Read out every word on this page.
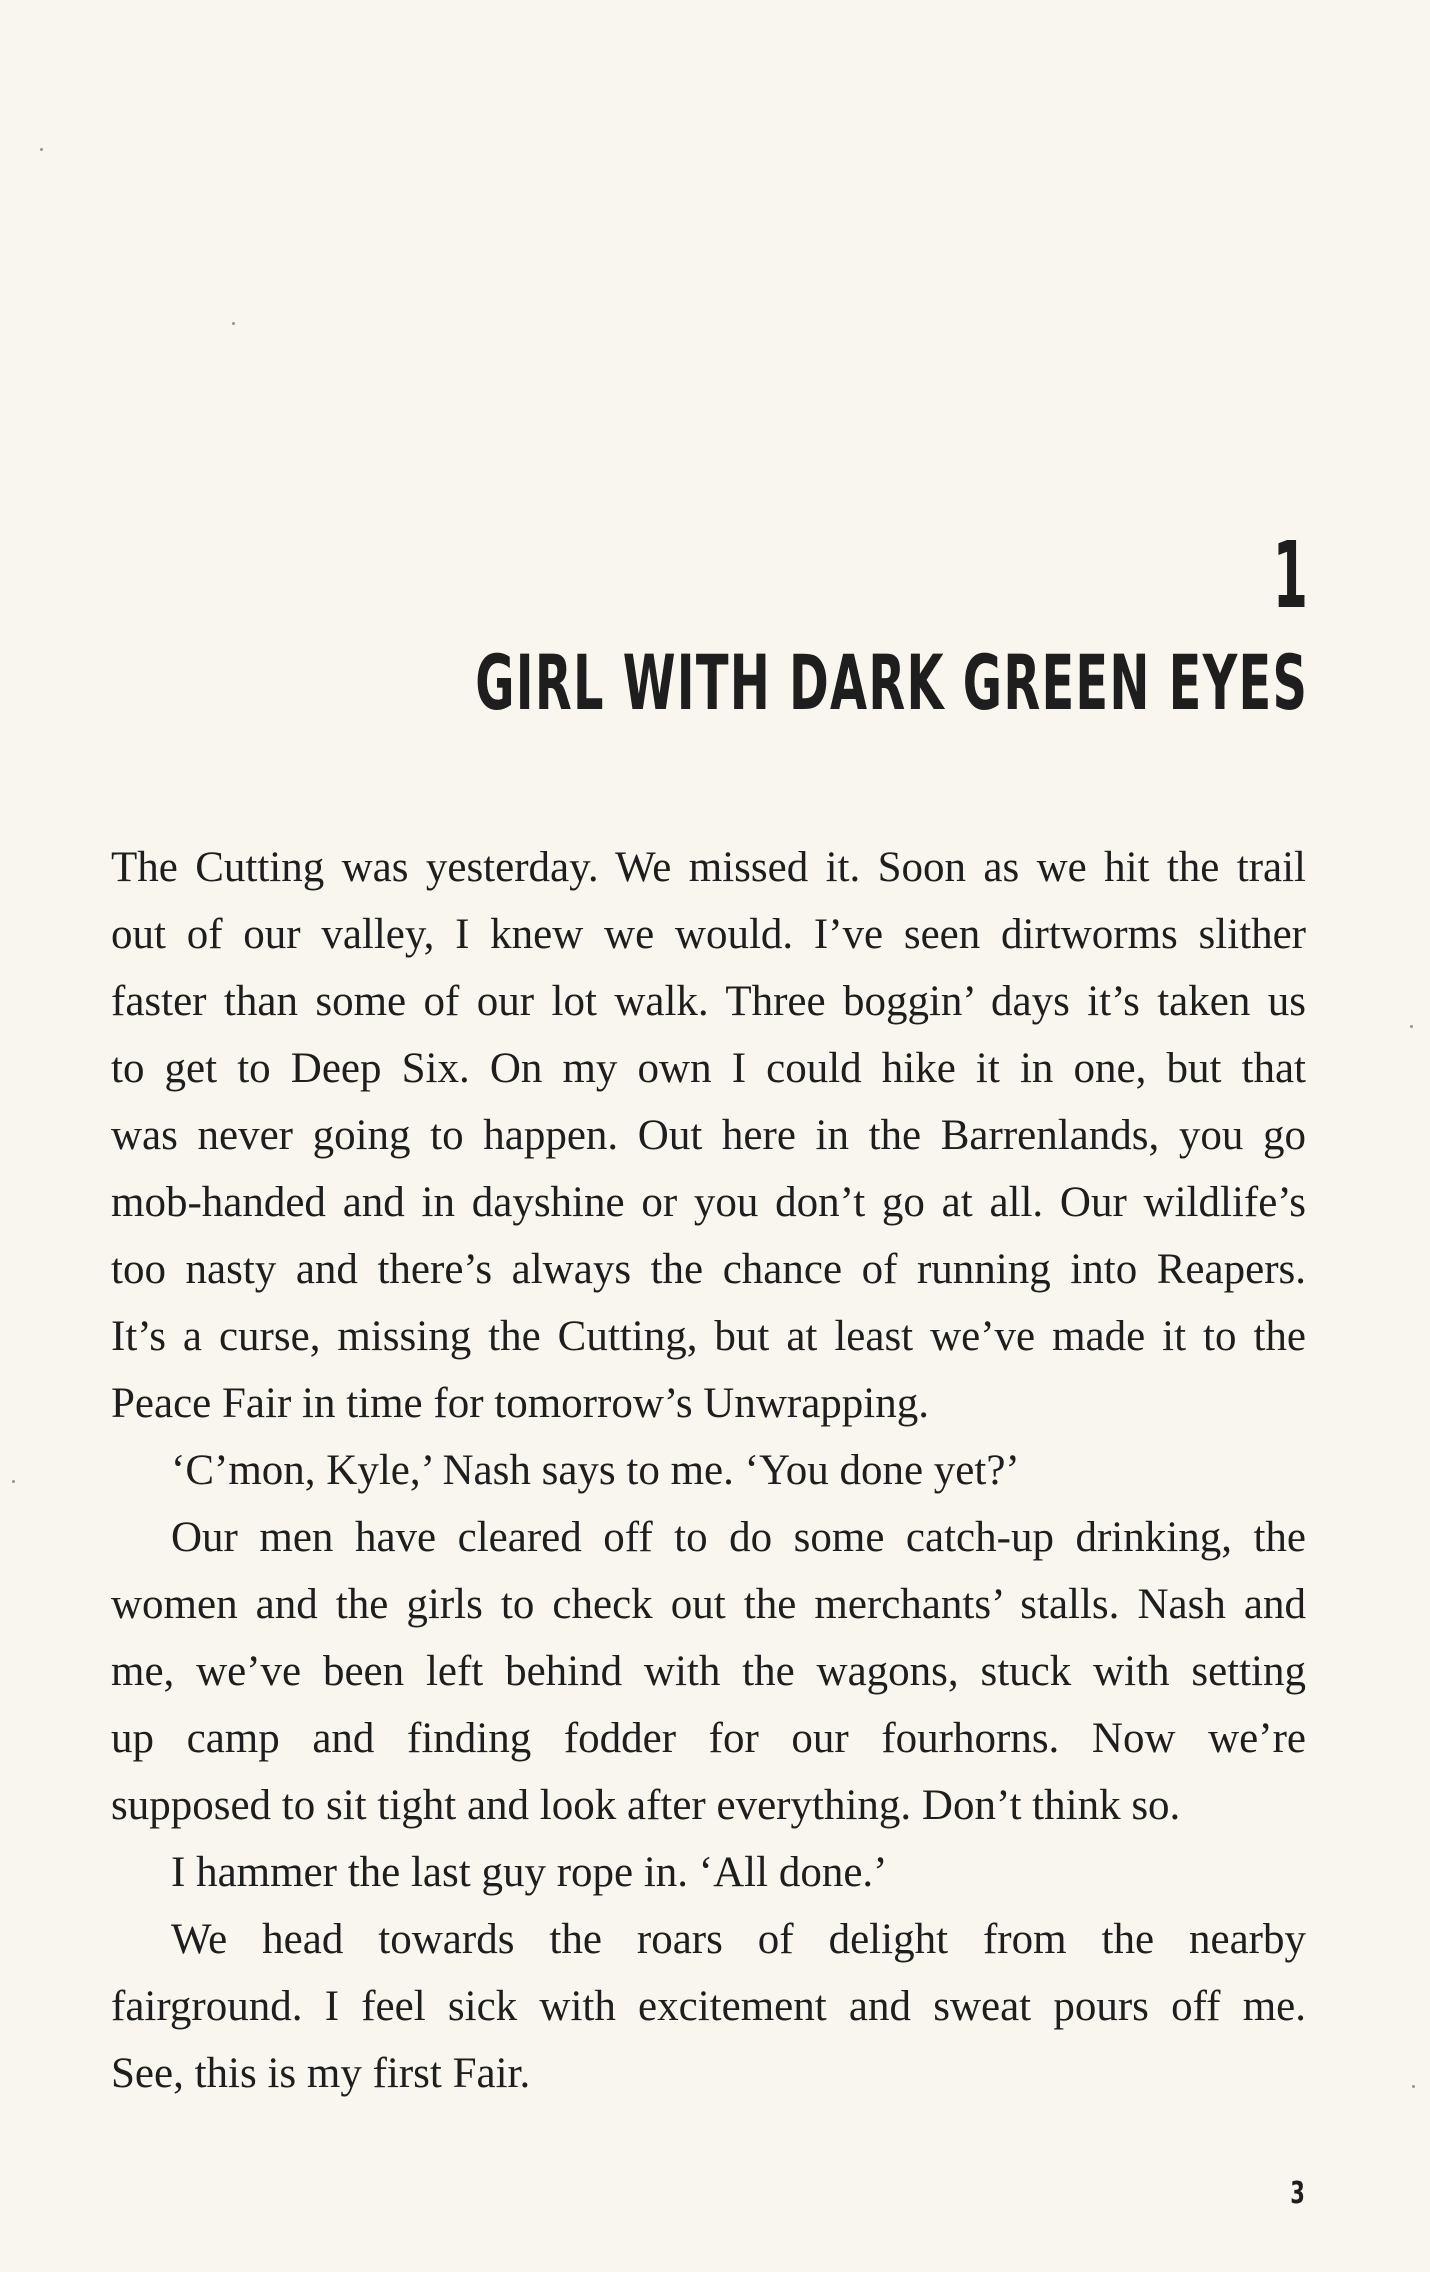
1
GIRL WITH DARK GREEN EYES
The Cutting was yesterday. We missed it. Soon as we hit the trail
out of our valley, I knew we would. I’ve seen dirtworms slither
faster than some of our lot walk. Three boggin’ days it’s taken us
to get to Deep Six. On my own I could hike it in one, but that
was never going to happen. Out here in the Barrenlands, you go
mob-handed and in dayshine or you don’t go at all. Our wildlife’s
too nasty and there’s always the chance of running into Reapers.
It’s a curse, missing the Cutting, but at least we’ve made it to the
Peace Fair in time for tomorrow’s Unwrapping.
‘C’mon, Kyle,’ Nash says to me. ‘You done yet?’
Our men have cleared off to do some catch-up drinking, the
women and the girls to check out the merchants’ stalls. Nash and
me, we’ve been left behind with the wagons, stuck with setting
up camp and finding fodder for our fourhorns. Now we’re
supposed to sit tight and look after everything. Don’t think so.
I hammer the last guy rope in. ‘All done.’
We head towards the roars of delight from the nearby
fairground. I feel sick with excitement and sweat pours off me.
See, this is my first Fair.
3
